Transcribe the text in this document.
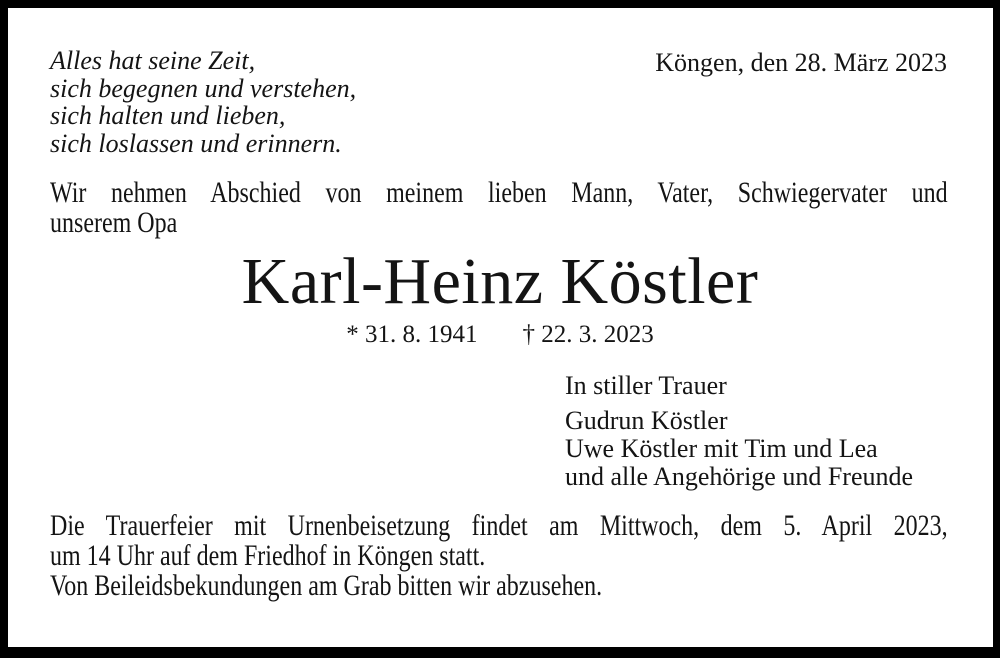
Alles hat seine Zeit,
sich begegnen und verstehen,
sich halten und lieben,
sich loslassen und erinnern.
Köngen, den 28. März 2023
Wir nehmen Abschied von meinem lieben Mann, Vater, Schwiegervater und
unserem Opa
Karl-Heinz Köstler
* 31. 8. 1941 † 22. 3. 2023
In stiller Trauer
Gudrun Köstler
Uwe Köstler mit Tim und Lea
und alle Angehörige und Freunde
Die Trauerfeier mit Urnenbeisetzung findet am Mittwoch, dem 5. April 2023,
um 14 Uhr auf dem Friedhof in Köngen statt.
Von Beileidsbekundungen am Grab bitten wir abzusehen.
